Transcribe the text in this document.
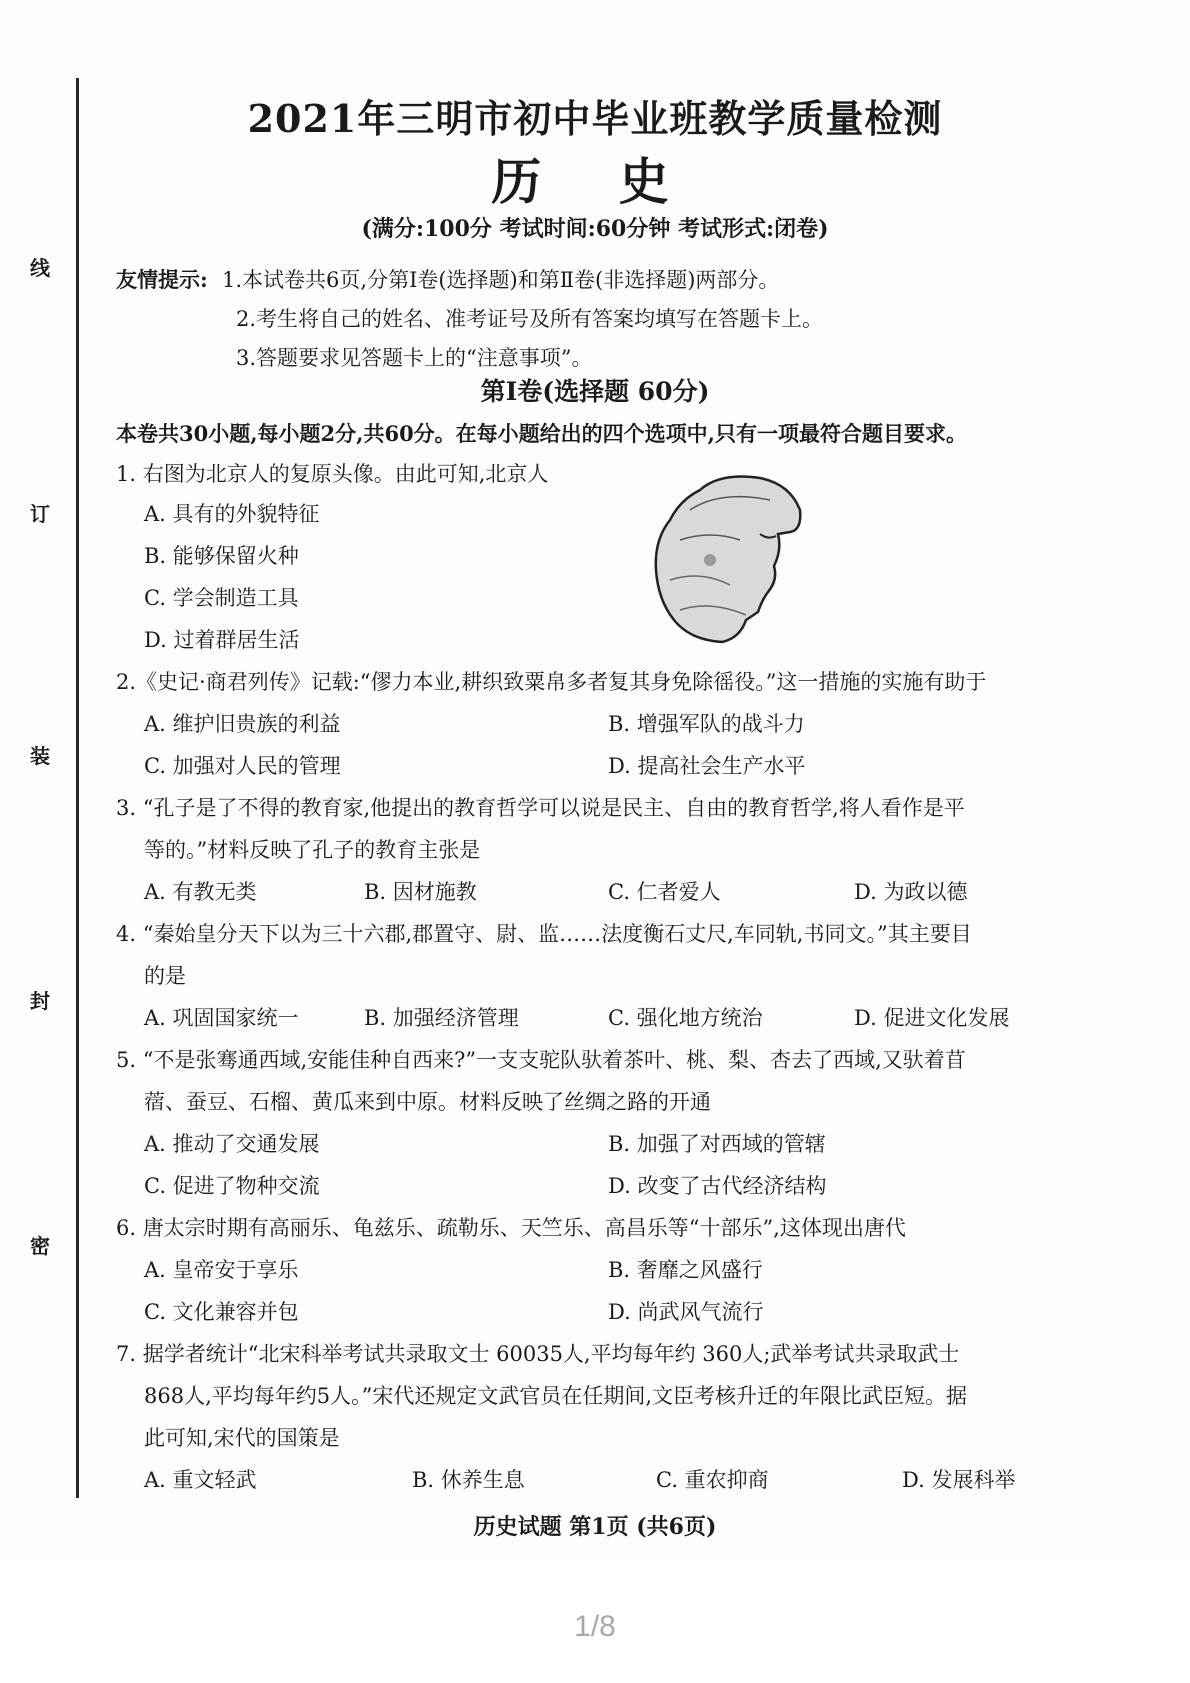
线
订
装
封
密
2021年三明市初中毕业班教学质量检测
历 史
(满分:100分 考试时间:60分钟 考试形式:闭卷)
友情提示: 1.本试卷共6页,分第Ⅰ卷(选择题)和第Ⅱ卷(非选择题)两部分。
2.考生将自己的姓名、准考证号及所有答案均填写在答题卡上。
3.答题要求见答题卡上的“注意事项”。
第Ⅰ卷(选择题 60分)
本卷共30小题,每小题2分,共60分。在每小题给出的四个选项中,只有一项最符合题目要求。
1. 右图为北京人的复原头像。由此可知,北京人
A. 具有的外貌特征
B. 能够保留火种
C. 学会制造工具
D. 过着群居生活
2.《史记·商君列传》记载:“僇力本业,耕织致粟帛多者复其身免除徭役。”这一措施的实施有助于
A. 维护旧贵族的利益	B. 增强军队的战斗力
C. 加强对人民的管理	D. 提高社会生产水平
3. “孔子是了不得的教育家,他提出的教育哲学可以说是民主、自由的教育哲学,将人看作是平
等的。”材料反映了孔子的教育主张是
A. 有教无类	B. 因材施教	C. 仁者爱人	D. 为政以德
4. “秦始皇分天下以为三十六郡,郡置守、尉、监……法度衡石丈尺,车同轨,书同文。”其主要目
的是
A. 巩固国家统一	B. 加强经济管理	C. 强化地方统治	D. 促进文化发展
5. “不是张骞通西域,安能佳种自西来?”一支支驼队驮着茶叶、桃、梨、杏去了西域,又驮着苜
蓿、蚕豆、石榴、黄瓜来到中原。材料反映了丝绸之路的开通
A. 推动了交通发展	B. 加强了对西域的管辖
C. 促进了物种交流	D. 改变了古代经济结构
6. 唐太宗时期有高丽乐、龟兹乐、疏勒乐、天竺乐、高昌乐等“十部乐”,这体现出唐代
A. 皇帝安于享乐	B. 奢靡之风盛行
C. 文化兼容并包	D. 尚武风气流行
7. 据学者统计“北宋科举考试共录取文士 60035人,平均每年约 360人;武举考试共录取武士
868人,平均每年约5人。”宋代还规定文武官员在任期间,文臣考核升迁的年限比武臣短。据
此可知,宋代的国策是
A. 重文轻武	B. 休养生息	C. 重农抑商	D. 发展科举
历史试题 第1页 (共6页)
1/8
